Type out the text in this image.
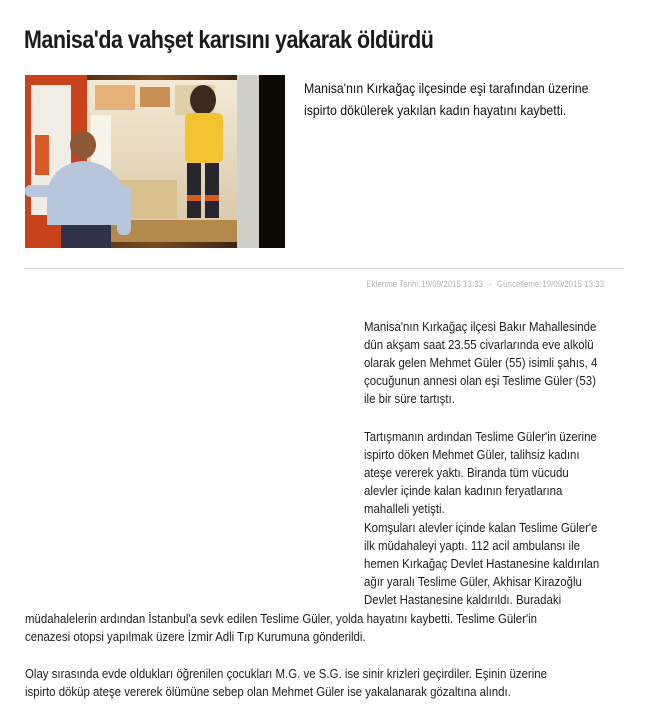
Manisa'da vahşet karısını yakarak öldürdü

Manisa'nın Kırkağaç ilçesinde eşi tarafından üzerine ispirto dökülerek yakılan kadın hayatını kaybetti.

Eklenme Tarihi:19/09/2015 13:33 - Güncelleme:19/09/2015 13:33

Manisa'nın Kırkağaç ilçesi Bakır Mahallesinde dün akşam saat 23.55 civarlarında eve alkolü olarak gelen Mehmet Güler (55) isimli şahıs, 4 çocuğunun annesi olan eşi Teslime Güler (53) ile bir süre tartıştı.

Tartışmanın ardından Teslime Güler'in üzerine ispirto döken Mehmet Güler, talihsiz kadını ateşe vererek yaktı. Biranda tüm vücudu alevler içinde kalan kadının feryatlarına mahalleli yetişti.

Komşuları alevler içinde kalan Teslime Güler'e ilk müdahaleyi yaptı. 112 acil ambulansı ile hemen Kırkağaç Devlet Hastanesine kaldırılan ağır yaralı Teslime Güler, Akhisar Kirazoğlu Devlet Hastanesine kaldırıldı. Buradaki

müdahalelerin ardından İstanbul'a sevk edilen Teslime Güler, yolda hayatını kaybetti. Teslime Güler'in cenazesi otopsi yapılmak üzere İzmir Adli Tıp Kurumuna gönderildi.

Olay sırasında evde oldukları öğrenilen çocukları M.G. ve S.G. ise sinir krizleri geçirdiler. Eşinin üzerine ispirto döküp ateşe vererek ölümüne sebep olan Mehmet Güler ise yakalanarak gözaltına alındı.
